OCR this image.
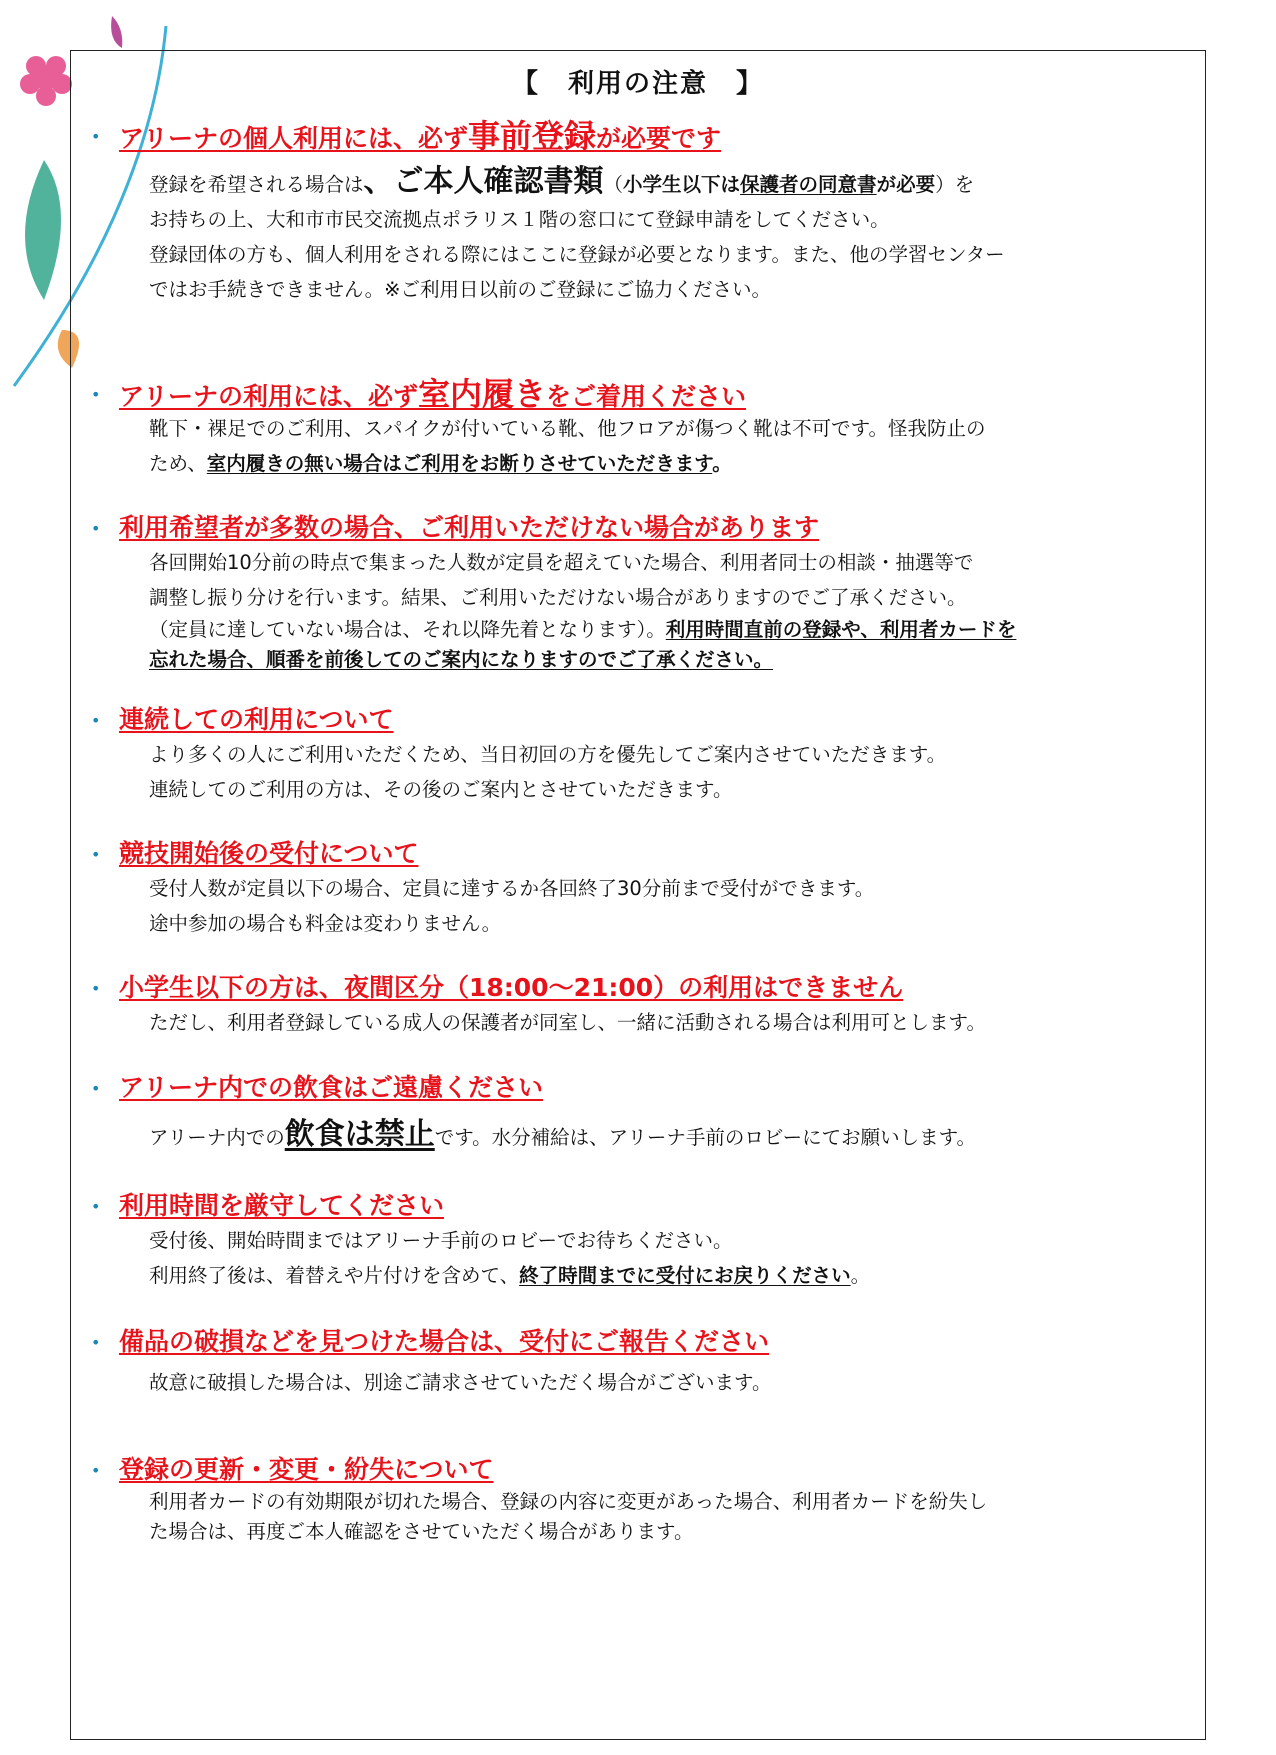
【　利用の注意　】
• アリーナの個人利用には、必ず事前登録が必要です
登録を希望される場合は、ご本人確認書類（小学生以下は保護者の同意書が必要）を
お持ちの上、大和市市民交流拠点ポラリス１階の窓口にて登録申請をしてください。
登録団体の方も、個人利用をされる際にはここに登録が必要となります。また、他の学習センター
ではお手続きできません。※ご利用日以前のご登録にご協力ください。
• アリーナの利用には、必ず室内履きをご着用ください
靴下・裸足でのご利用、スパイクが付いている靴、他フロアが傷つく靴は不可です。怪我防止の
ため、室内履きの無い場合はご利用をお断りさせていただきます。
• 利用希望者が多数の場合、ご利用いただけない場合があります
各回開始10分前の時点で集まった人数が定員を超えていた場合、利用者同士の相談・抽選等で
調整し振り分けを行います。結果、ご利用いただけない場合がありますのでご了承ください。
（定員に達していない場合は、それ以降先着となります）。利用時間直前の登録や、利用者カードを
忘れた場合、順番を前後してのご案内になりますのでご了承ください。
• 連続しての利用について
より多くの人にご利用いただくため、当日初回の方を優先してご案内させていただきます。
連続してのご利用の方は、その後のご案内とさせていただきます。
• 競技開始後の受付について
受付人数が定員以下の場合、定員に達するか各回終了30分前まで受付ができます。
途中参加の場合も料金は変わりません。
• 小学生以下の方は、夜間区分（18:00～21:00）の利用はできません
ただし、利用者登録している成人の保護者が同室し、一緒に活動される場合は利用可とします。
• アリーナ内での飲食はご遠慮ください
アリーナ内での飲食は禁止です。水分補給は、アリーナ手前のロビーにてお願いします。
• 利用時間を厳守してください
受付後、開始時間まではアリーナ手前のロビーでお待ちください。
利用終了後は、着替えや片付けを含めて、終了時間までに受付にお戻りください。
• 備品の破損などを見つけた場合は、受付にご報告ください
故意に破損した場合は、別途ご請求させていただく場合がございます。
• 登録の更新・変更・紛失について
利用者カードの有効期限が切れた場合、登録の内容に変更があった場合、利用者カードを紛失し
た場合は、再度ご本人確認をさせていただく場合があります。
